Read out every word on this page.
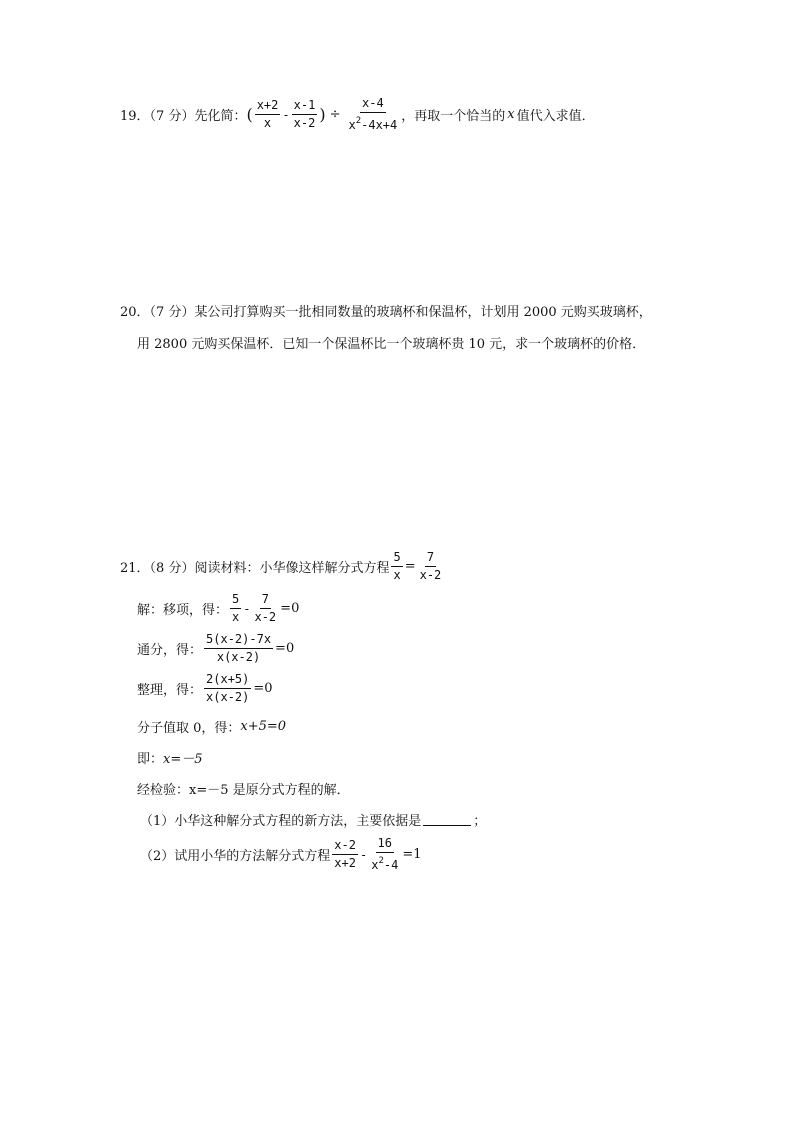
19．（7 分）先化简： ( $\frac{x+2}{x} - \frac{x-1}{x-2}$ ) ÷ $\frac{x-4}{x^2-4x+4}$ ，再取一个恰当的 x 值代入求值．
20．（7 分）某公司打算购买一批相同数量的玻璃杯和保温杯，计划用 2000 元购买玻璃杯，
用 2800 元购买保温杯．已知一个保温杯比一个玻璃杯贵 10 元，求一个玻璃杯的价格．
21．（8 分）阅读材料：小华像这样解分式方程 $\frac{5}{x} = \frac{7}{x-2}$
解：移项，得： $\frac{5}{x} - \frac{7}{x-2} =0$
通分，得： $\frac{5(x-2)-7x}{x(x-2)} =0$
整理，得： $\frac{2(x+5)}{x(x-2)} =0$
分子值取 0，得： x+5=0
即： x=－5
经检验： x=－5 是原分式方程的解．
（1）小华这种解分式方程的新方法，主要依据是	；
（2）试用小华的方法解分式方程 $\frac{x-2}{x+2} - \frac{16}{x^2-4} =1$
